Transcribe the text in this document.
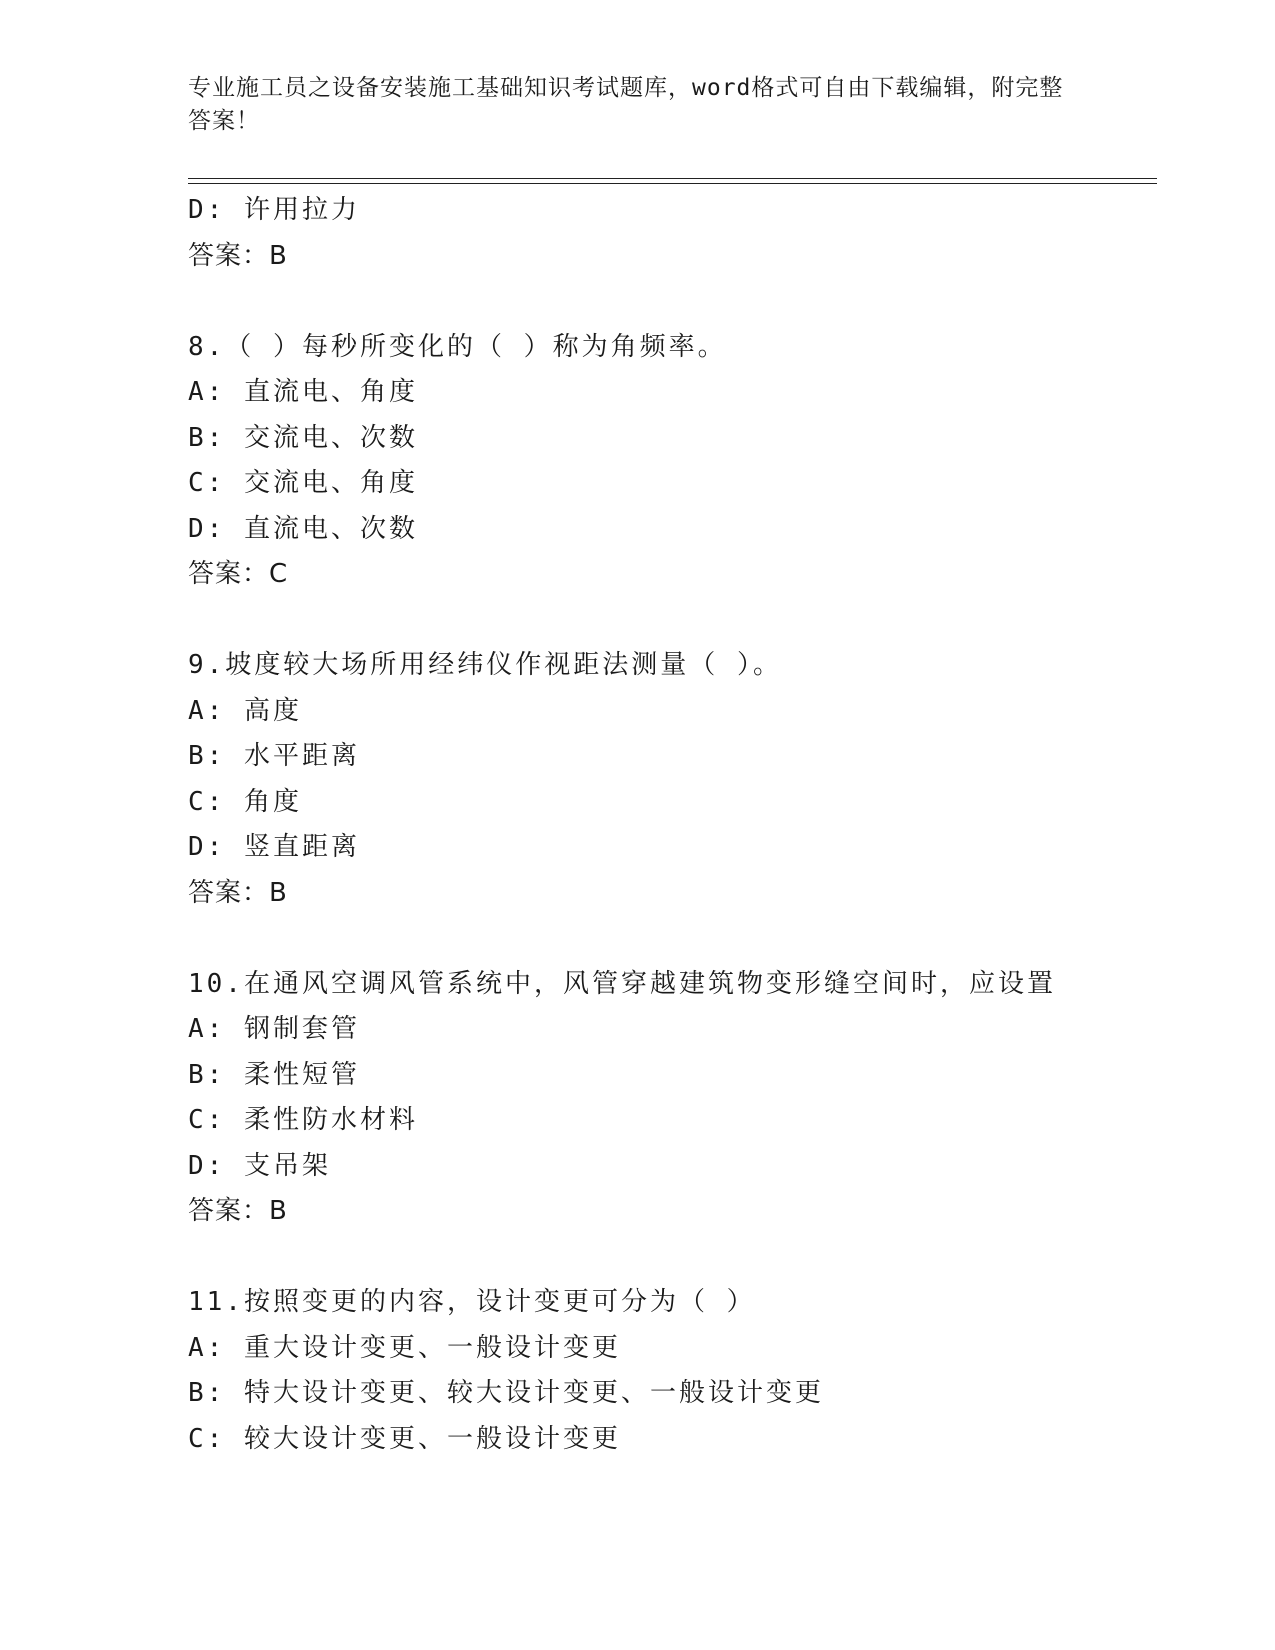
专业施工员之设备安装施工基础知识考试题库，word格式可自由下载编辑，附完整答案！
D: 许用拉力
答案：B
8.（ ）每秒所变化的（ ）称为角频率。
A: 直流电、角度
B: 交流电、次数
C: 交流电、角度
D: 直流电、次数
答案：C
9.坡度较大场所用经纬仪作视距法测量（ ）。
A: 高度
B: 水平距离
C: 角度
D: 竖直距离
答案：B
10.在通风空调风管系统中，风管穿越建筑物变形缝空间时，应设置
A: 钢制套管
B: 柔性短管
C: 柔性防水材料
D: 支吊架
答案：B
11.按照变更的内容，设计变更可分为（ ）
A: 重大设计变更、一般设计变更
B: 特大设计变更、较大设计变更、一般设计变更
C: 较大设计变更、一般设计变更
